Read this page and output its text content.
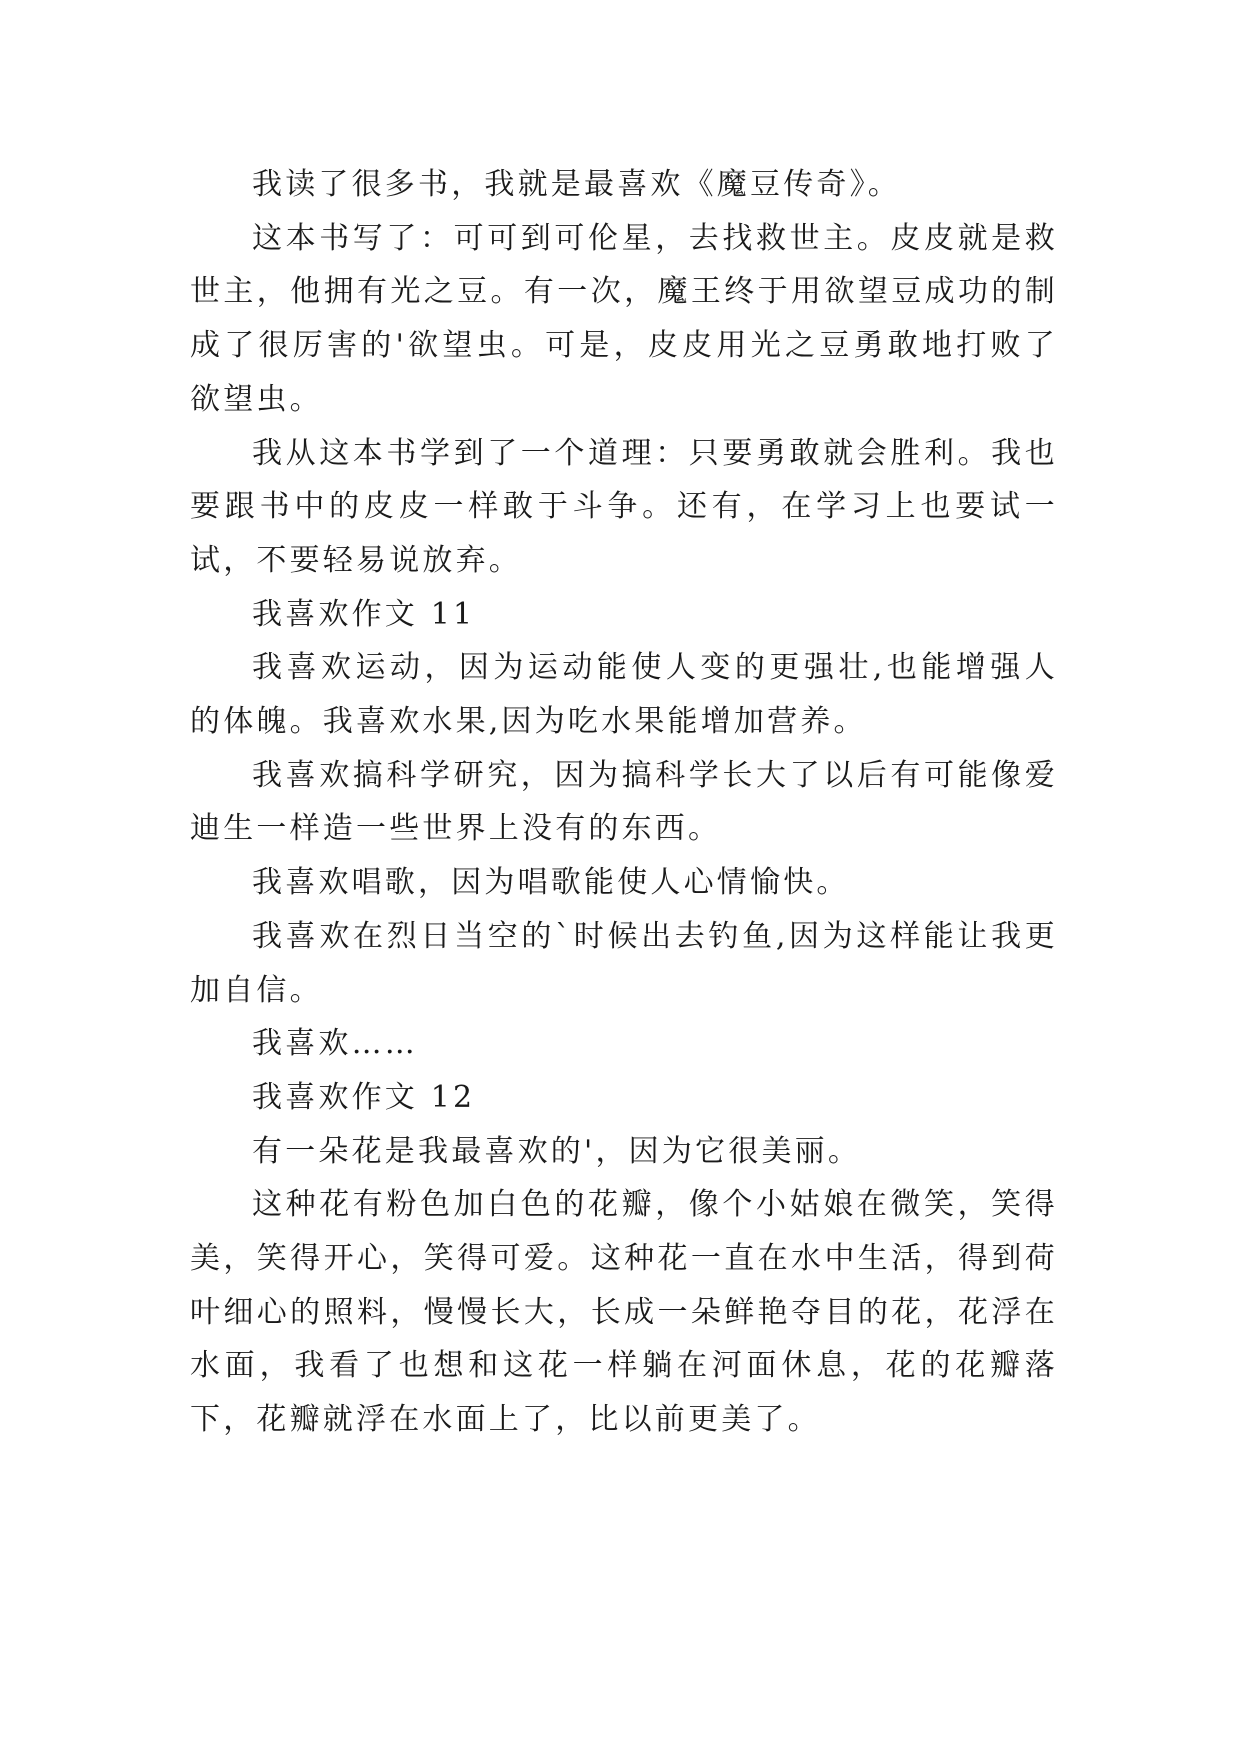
我读了很多书，我就是最喜欢《魔豆传奇》。

这本书写了：可可到可伦星，去找救世主。皮皮就是救世主，他拥有光之豆。有一次，魔王终于用欲望豆成功的制成了很厉害的'欲望虫。可是，皮皮用光之豆勇敢地打败了欲望虫。

我从这本书学到了一个道理：只要勇敢就会胜利。我也要跟书中的皮皮一样敢于斗争。还有，在学习上也要试一试，不要轻易说放弃。

我喜欢作文 11

我喜欢运动，因为运动能使人变的更强壮,也能增强人的体魄。我喜欢水果,因为吃水果能增加营养。

我喜欢搞科学研究，因为搞科学长大了以后有可能像爱迪生一样造一些世界上没有的东西。

我喜欢唱歌，因为唱歌能使人心情愉快。

我喜欢在烈日当空的`时候出去钓鱼,因为这样能让我更加自信。

我喜欢……

我喜欢作文 12

有一朵花是我最喜欢的'，因为它很美丽。

这种花有粉色加白色的花瓣，像个小姑娘在微笑，笑得美，笑得开心，笑得可爱。这种花一直在水中生活，得到荷叶细心的照料，慢慢长大，长成一朵鲜艳夺目的花，花浮在水面，我看了也想和这花一样躺在河面休息，花的花瓣落下，花瓣就浮在水面上了，比以前更美了。
